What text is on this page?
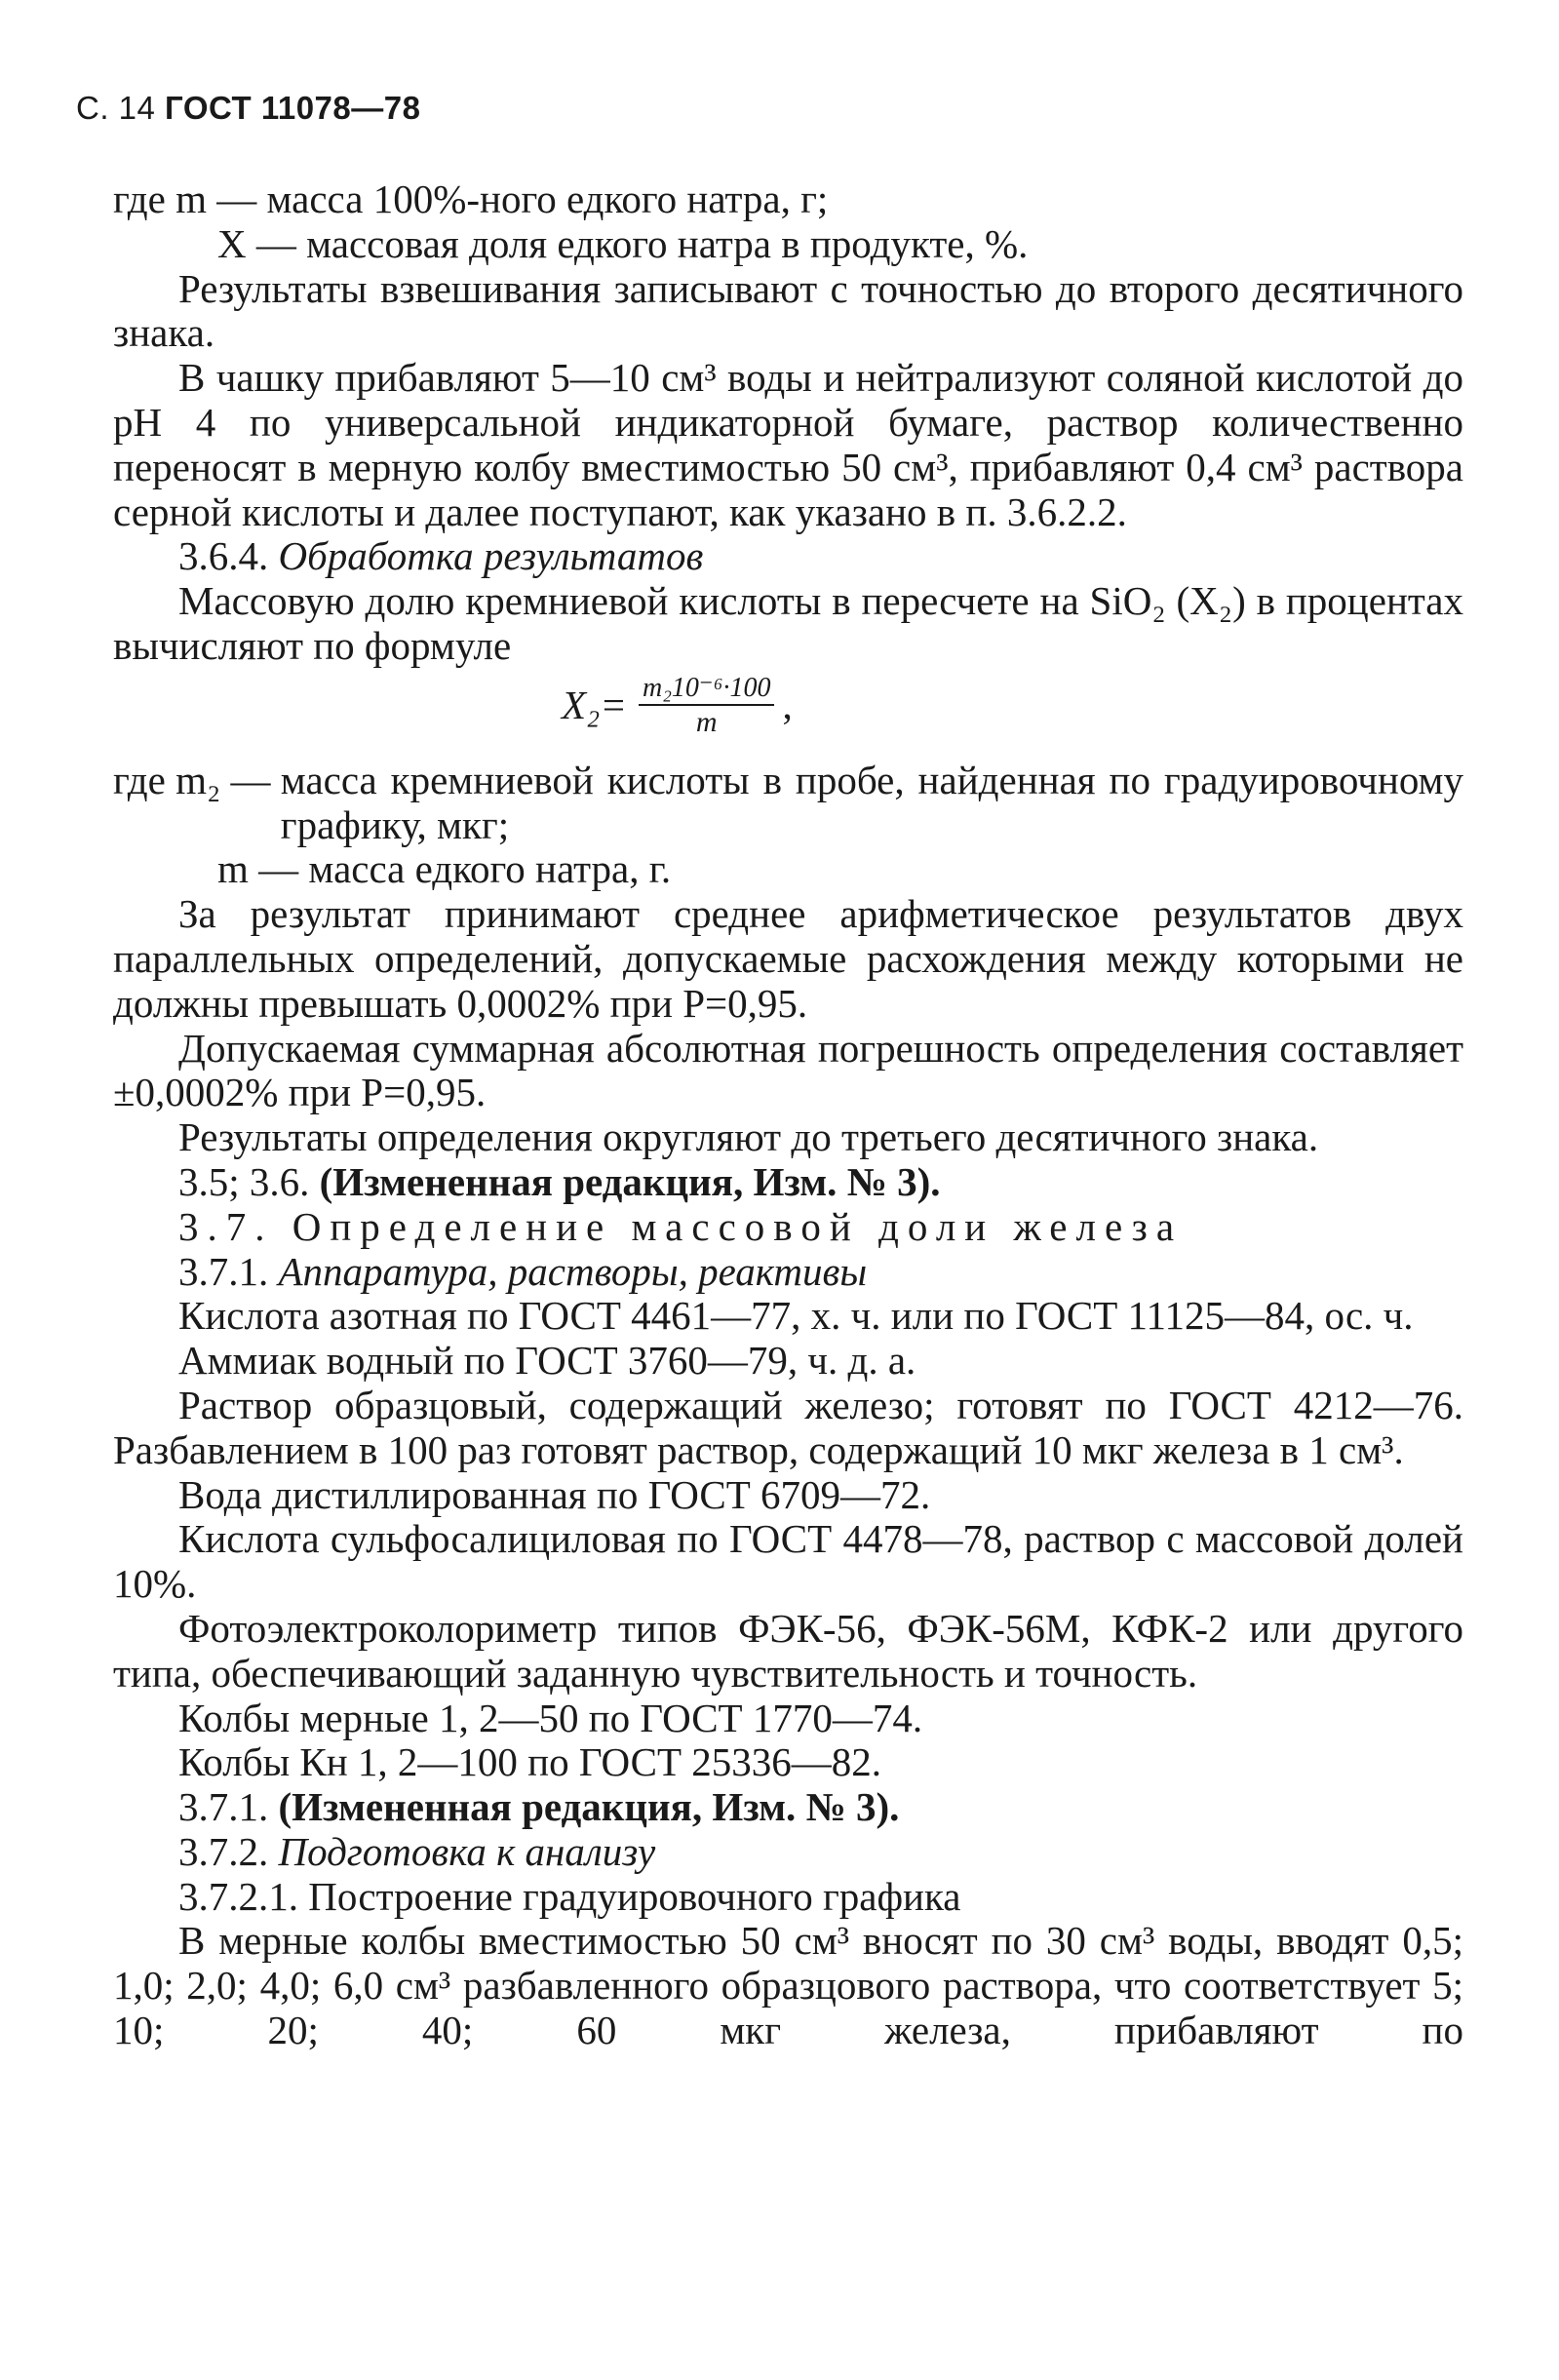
С. 14 ГОСТ 11078—78
где m — масса 100%-ного едкого натра, г;
X — массовая доля едкого натра в продукте, %.

Результаты взвешивания записывают с точностью до второго десятичного знака.

В чашку прибавляют 5—10 см³ воды и нейтрализуют соляной кислотой до pH 4 по универсальной индикаторной бумаге, раствор количественно переносят в мерную колбу вместимостью 50 см³, прибавляют 0,4 см³ раствора серной кислоты и далее поступают, как указано в п. 3.6.2.2.

3.6.4. Обработка результатов

Массовую долю кремниевой кислоты в пересчете на SiO₂ (X₂) в процентах вычисляют по формуле

$X_2= \frac{\text{m₂10⁻⁶·100}}{m}$ ,
где m₂ — масса кремниевой кислоты в пробе, найденная по градуировочному графику, мкг;
m — масса едкого натра, г.

За результат принимают среднее арифметическое результатов двух параллельных определений, допускаемые расхождения между которыми не должны превышать 0,0002% при P=0,95.

Допускаемая суммарная абсолютная погрешность определения составляет ±0,0002% при P=0,95.

Результаты определения округляют до третьего десятичного знака.

3.5; 3.6. (Измененная редакция, Изм. № 3).

3.7. Определение массовой доли железа

3.7.1. Аппаратура, растворы, реактивы

Кислота азотная по ГОСТ 4461—77, х. ч. или по ГОСТ 11125—84, ос. ч.

Аммиак водный по ГОСТ 3760—79, ч. д. а.

Раствор образцовый, содержащий железо; готовят по ГОСТ 4212—76. Разбавлением в 100 раз готовят раствор, содержащий 10 мкг железа в 1 см³.

Вода дистиллированная по ГОСТ 6709—72.

Кислота сульфосалициловая по ГОСТ 4478—78, раствор с массовой долей 10%.

Фотоэлектроколориметр типов ФЭК-56, ФЭК-56М, КФК-2 или другого типа, обеспечивающий заданную чувствительность и точность.

Колбы мерные 1, 2—50 по ГОСТ 1770—74.

Колбы Кн 1, 2—100 по ГОСТ 25336—82.

3.7.1. (Измененная редакция, Изм. № 3).

3.7.2. Подготовка к анализу

3.7.2.1. Построение градуировочного графика

В мерные колбы вместимостью 50 см³ вносят по 30 см³ воды, вводят 0,5; 1,0; 2,0; 4,0; 6,0 см³ разбавленного образцового раствора, что соответствует 5; 10; 20; 40; 60 мкг железа, прибавляют по
